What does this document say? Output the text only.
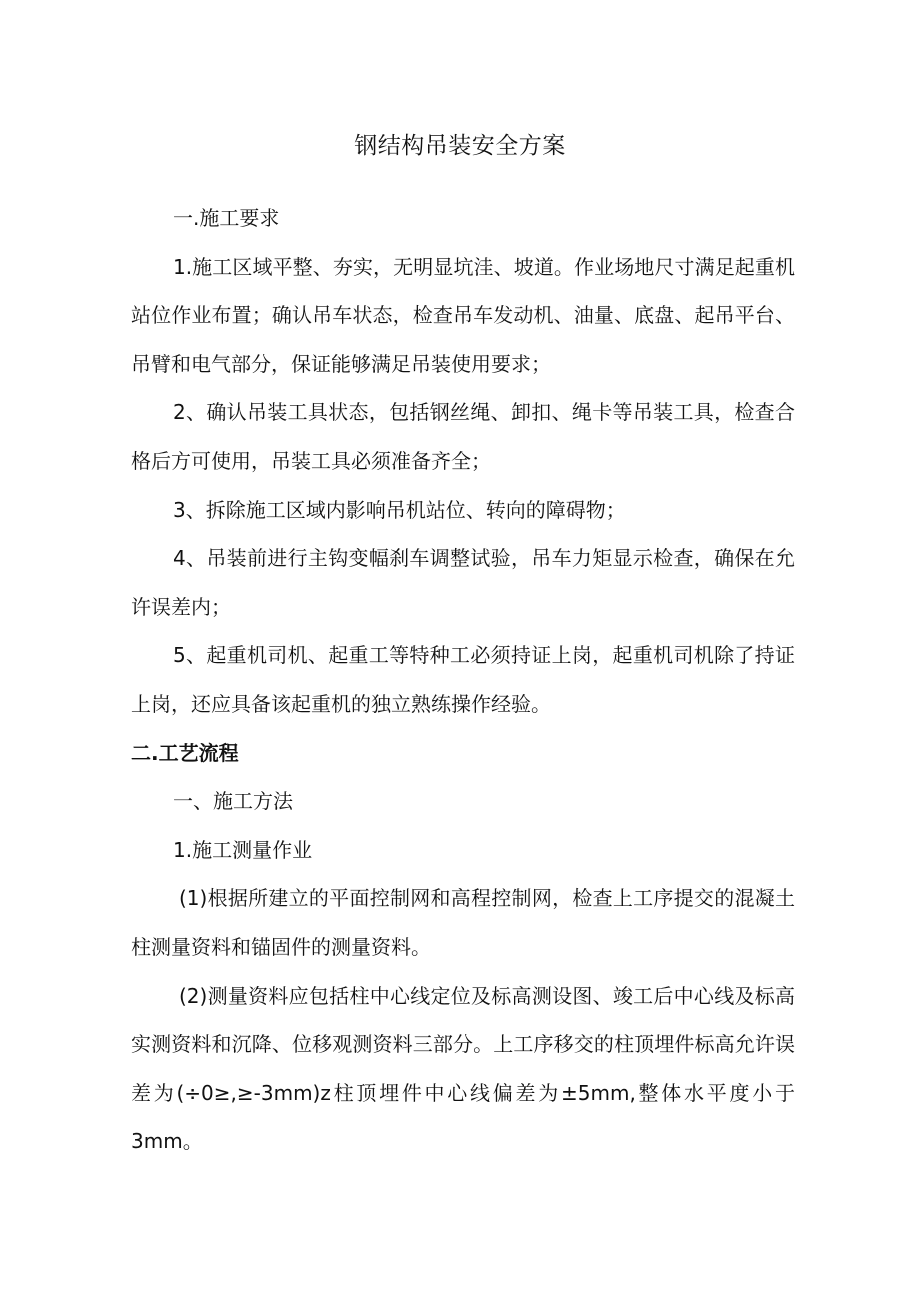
钢结构吊装安全方案

一.施工要求

1.施工区域平整、夯实，无明显坑洼、坡道。作业场地尺寸满足起重机站位作业布置；确认吊车状态，检查吊车发动机、油量、底盘、起吊平台、吊臂和电气部分，保证能够满足吊装使用要求；

2、确认吊装工具状态，包括钢丝绳、卸扣、绳卡等吊装工具，检查合格后方可使用，吊装工具必须准备齐全；

3、拆除施工区域内影响吊机站位、转向的障碍物；

4、吊装前进行主钩变幅刹车调整试验，吊车力矩显示检查，确保在允许误差内；

5、起重机司机、起重工等特种工必须持证上岗，起重机司机除了持证上岗，还应具备该起重机的独立熟练操作经验。

二.工艺流程

一、施工方法

1.施工测量作业

(1)根据所建立的平面控制网和高程控制网，检查上工序提交的混凝土柱测量资料和锚固件的测量资料。

(2)测量资料应包括柱中心线定位及标高测设图、竣工后中心线及标高实测资料和沉降、位移观测资料三部分。上工序移交的柱顶埋件标高允许误差为(÷0≥,≥-3mm)z柱顶埋件中心线偏差为±5mm,整体水平度小于3mm。
